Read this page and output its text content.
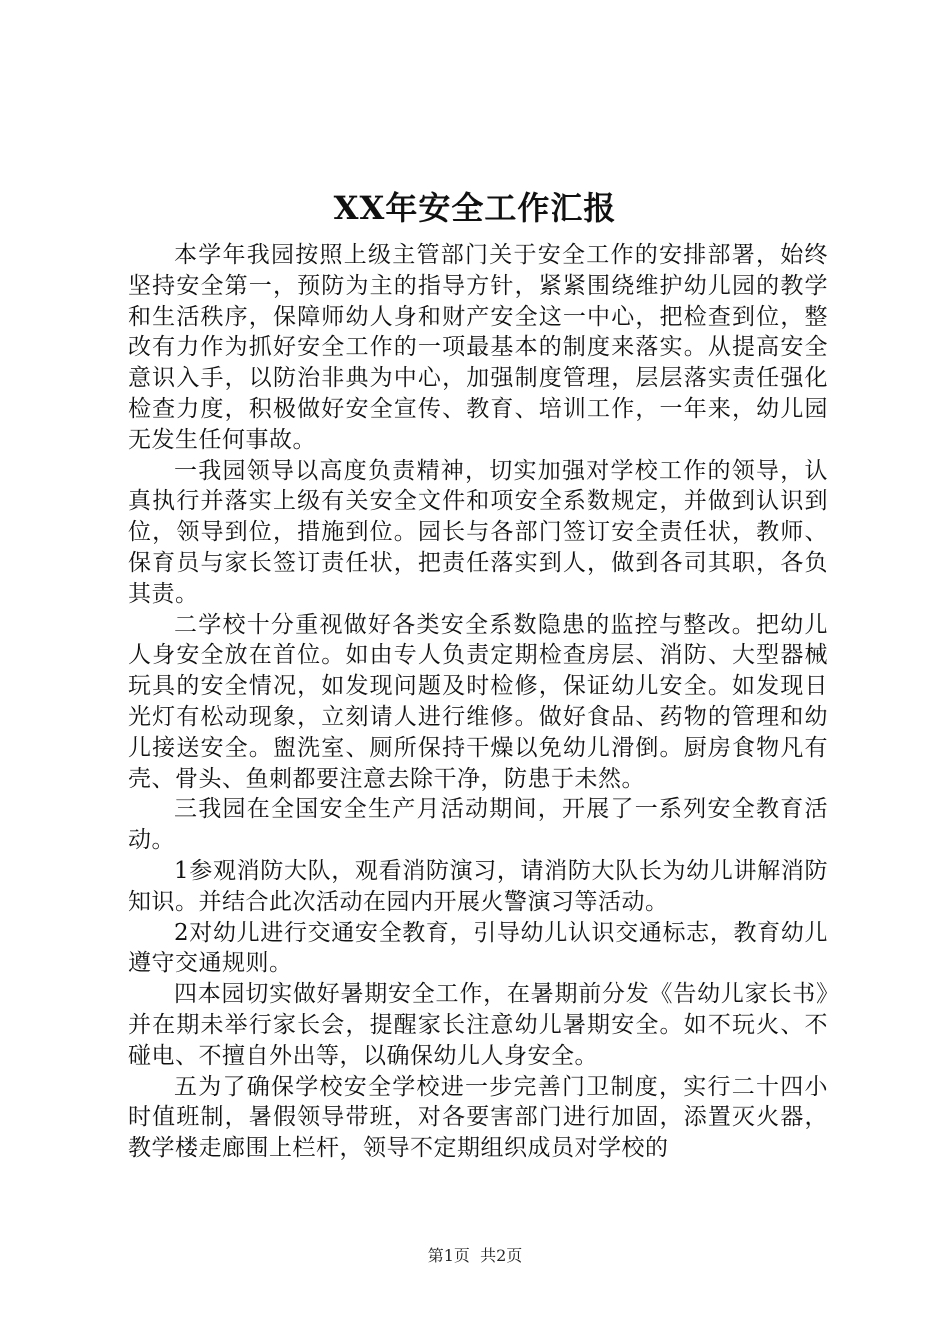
XX年安全工作汇报

本学年我园按照上级主管部门关于安全工作的安排部署，始终坚持安全第一，预防为主的指导方针，紧紧围绕维护幼儿园的教学和生活秩序，保障师幼人身和财产安全这一中心，把检查到位，整改有力作为抓好安全工作的一项最基本的制度来落实。从提高安全意识入手，以防治非典为中心，加强制度管理，层层落实责任强化检查力度，积极做好安全宣传、教育、培训工作，一年来，幼儿园无发生任何事故。

一我园领导以高度负责精神，切实加强对学校工作的领导，认真执行并落实上级有关安全文件和项安全系数规定，并做到认识到位，领导到位，措施到位。园长与各部门签订安全责任状，教师、保育员与家长签订责任状，把责任落实到人，做到各司其职，各负其责。

二学校十分重视做好各类安全系数隐患的监控与整改。把幼儿人身安全放在首位。如由专人负责定期检查房层、消防、大型器械玩具的安全情况，如发现问题及时检修，保证幼儿安全。如发现日光灯有松动现象，立刻请人进行维修。做好食品、药物的管理和幼儿接送安全。盥洗室、厕所保持干燥以免幼儿滑倒。厨房食物凡有壳、骨头、鱼刺都要注意去除干净，防患于未然。

三我园在全国安全生产月活动期间，开展了一系列安全教育活动。

1参观消防大队，观看消防演习，请消防大队长为幼儿讲解消防知识。并结合此次活动在园内开展火警演习等活动。

2对幼儿进行交通安全教育，引导幼儿认识交通标志，教育幼儿遵守交通规则。

四本园切实做好暑期安全工作，在暑期前分发《告幼儿家长书》并在期未举行家长会，提醒家长注意幼儿暑期安全。如不玩火、不碰电、不擅自外出等，以确保幼儿人身安全。

五为了确保学校安全学校进一步完善门卫制度，实行二十四小时值班制，暑假领导带班，对各要害部门进行加固，添置灭火器，教学楼走廊围上栏杆，领导不定期组织成员对学校的

第1页 共2页
